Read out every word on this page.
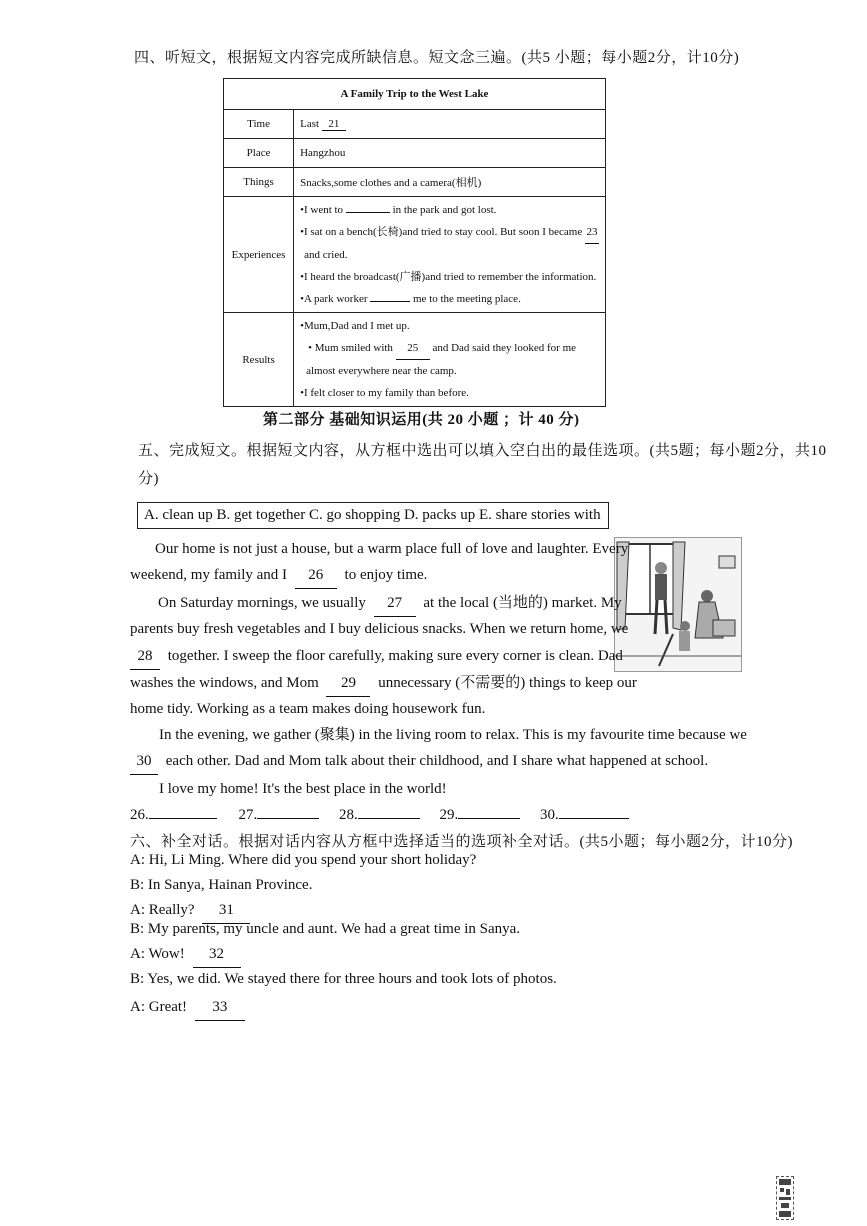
四、听短文，根据短文内容完成所缺信息。短文念三遍。(共5 小题；每小题2分，计10分)
A Family Trip to the West Lake	
Time	Last 21
Place	Hangzhou
Things	Snacks,some clothes and a camera(相机)
Experiences	•I went to in the park and got lost.
•I sat on a bench(长椅)and tried to stay cool. But soon I became 23
and cried.
•I heard the broadcast(广播)and tried to remember the information.
•A park worker me to the meeting place.

Results	•Mum,Dad and I met up.
• Mum smiled with 25 and Dad said they looked for me
almost everywhere near the camp.
•I felt closer to my family than before.
第二部分 基础知识运用(共 20 小题 ；计 40 分)
五、完成短文。根据短文内容，从方框中选出可以填入空白出的最佳选项。(共5题；每小题2分，共10
分)
A. clean up B. get together C. go shopping D. packs up E. share stories with
Our home is not just a house, but a warm place full of love and laughter. Every
weekend, my family and I 26 to enjoy time.
On Saturday mornings, we usually 27 at the local (当地的) market. My
parents buy fresh vegetables and I buy delicious snacks. When we return home, we
28 together. I sweep the floor carefully, making sure every corner is clean. Dad
washes the windows, and Mom 29 unnecessary (不需要的) things to keep our
home tidy. Working as a team makes doing housework fun.
In the evening, we gather (聚集) in the living room to relax. This is my favourite time because we
30 each other. Dad and Mom talk about their childhood, and I share what happened at school.
I love my home! It's the best place in the world!
26.	27.	28.	29.	30.
六、补全对话。根据对话内容从方框中选择适当的选项补全对话。(共5小题；每小题2分，计10分)
A: Hi, Li Ming. Where did you spend your short holiday?
B: In Sanya, Hainan Province.
A: Really? 31
B: My parents, my uncle and aunt. We had a great time in Sanya.
A: Wow! 32
B: Yes, we did. We stayed there for three hours and took lots of photos.
A: Great! 33
